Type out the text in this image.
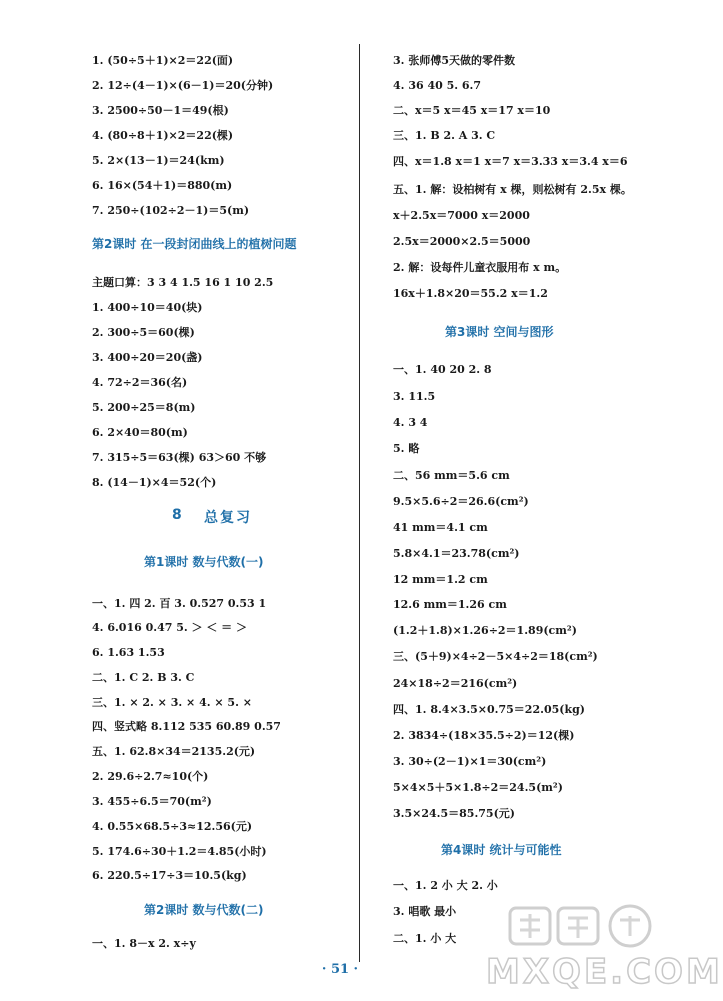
1. (50÷5＋1)×2＝22(面)
2. 12÷(4－1)×(6－1)＝20(分钟)
3. 2500÷50－1＝49(根)
4. (80÷8＋1)×2＝22(棵)
5. 2×(13－1)＝24(km)
6. 16×(54＋1)＝880(m)
7. 250÷(102÷2－1)＝5(m)
第2课时 在一段封闭曲线上的植树问题
主题口算：3 3 4 1.5 16 1 10 2.5
1. 400÷10＝40(块)
2. 300÷5＝60(棵)
3. 400÷20＝20(盏)
4. 72÷2＝36(名)
5. 200÷25＝8(m)
6. 2×40＝80(m)
7. 315÷5＝63(棵) 63＞60 不够
8. (14－1)×4＝52(个)
8 总复习
第1课时 数与代数(一)
一、1. 四 2. 百 3. 0.527 0.53 1
4. 6.016 0.47 5. ＞ ＜ ＝ ＞
6. 1.63 1.53
二、1. C 2. B 3. C
三、1. × 2. × 3. × 4. × 5. ×
四、竖式略 8.112 535 60.89 0.57
五、1. 62.8×34＝2135.2(元)
2. 29.6÷2.7≈10(个)
3. 455÷6.5＝70(m²)
4. 0.55×68.5÷3≈12.56(元)
5. 174.6÷30＋1.2＝4.85(小时)
6. 220.5÷17÷3＝10.5(kg)
第2课时 数与代数(二)
一、1. 8－x 2. x÷y
3. 张师傅5天做的零件数
4. 36 40 5. 6.7
二、x＝5 x＝45 x＝17 x＝10
三、1. B 2. A 3. C
四、x＝1.8 x＝1 x＝7 x＝3.33 x＝3.4 x＝6
五、1. 解：设柏树有 x 棵，则松树有 2.5x 棵。
x＋2.5x＝7000 x＝2000
2.5x＝2000×2.5＝5000
2. 解：设每件儿童衣服用布 x m。
16x＋1.8×20＝55.2 x＝1.2
第3课时 空间与图形
一、1. 40 20 2. 8
3. 11.5
4. 3 4
5. 略
二、56 mm＝5.6 cm
9.5×5.6÷2＝26.6(cm²)
41 mm＝4.1 cm
5.8×4.1＝23.78(cm²)
12 mm＝1.2 cm
12.6 mm＝1.26 cm
(1.2＋1.8)×1.26÷2＝1.89(cm²)
三、(5＋9)×4÷2－5×4÷2＝18(cm²)
24×18÷2＝216(cm²)
四、1. 8.4×3.5×0.75＝22.05(kg)
2. 3834÷(18×35.5÷2)＝12(棵)
3. 30÷(2－1)×1＝30(cm²)
5×4×5＋5×1.8÷2＝24.5(m²)
3.5×24.5＝85.75(元)
第4课时 统计与可能性
一、1. 2 小 大 2. 小
3. 唱歌 最小
二、1. 小 大
· 51 ·	MXQE.COM
